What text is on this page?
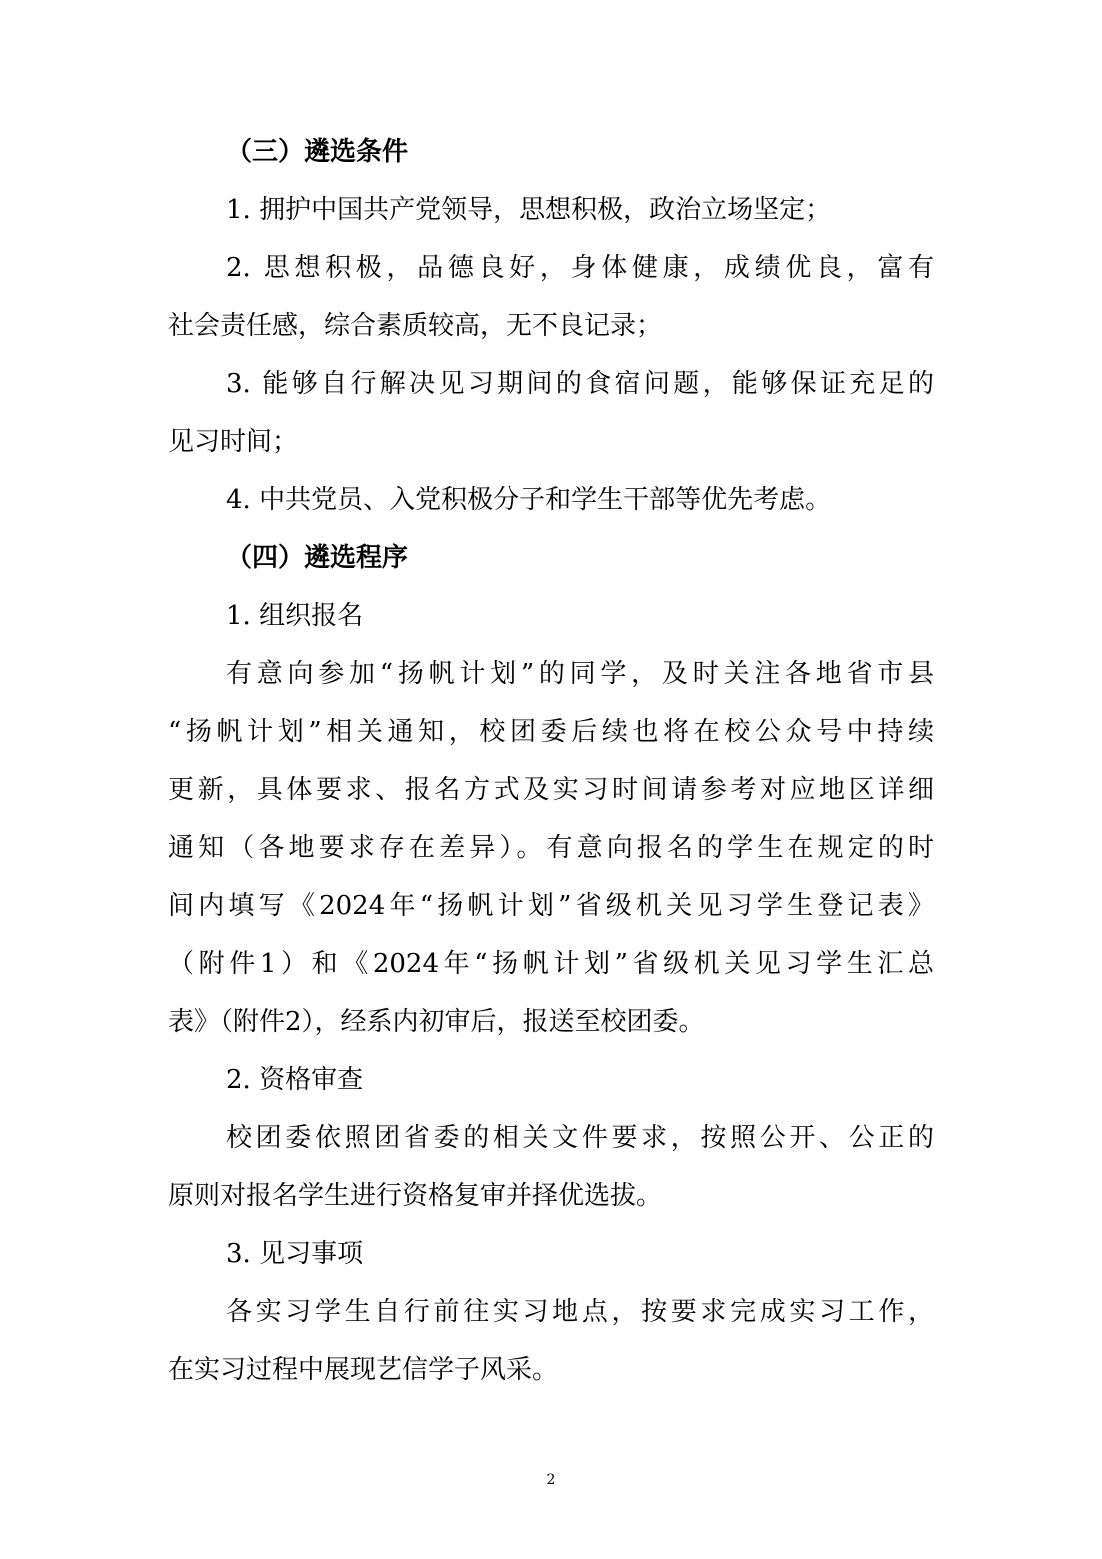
（三）遴选条件
1. 拥护中国共产党领导，思想积极，政治立场坚定；
2. 思想积极，品德良好，身体健康，成绩优良，富有
社会责任感，综合素质较高，无不良记录；
3. 能够自行解决见习期间的食宿问题，能够保证充足的
见习时间；
4. 中共党员、入党积极分子和学生干部等优先考虑。
（四）遴选程序
1. 组织报名
有意向参加“扬帆计划”的同学，及时关注各地省市县
“扬帆计划”相关通知，校团委后续也将在校公众号中持续
更新，具体要求、报名方式及实习时间请参考对应地区详细
通知（各地要求存在差异）。有意向报名的学生在规定的时
间内填写《2024年“扬帆计划”省级机关见习学生登记表》
（附件1）和《2024年“扬帆计划”省级机关见习学生汇总
表》（附件2），经系内初审后，报送至校团委。
2. 资格审查
校团委依照团省委的相关文件要求，按照公开、公正的
原则对报名学生进行资格复审并择优选拔。
3. 见习事项
各实习学生自行前往实习地点，按要求完成实习工作，
在实习过程中展现艺信学子风采。
2
